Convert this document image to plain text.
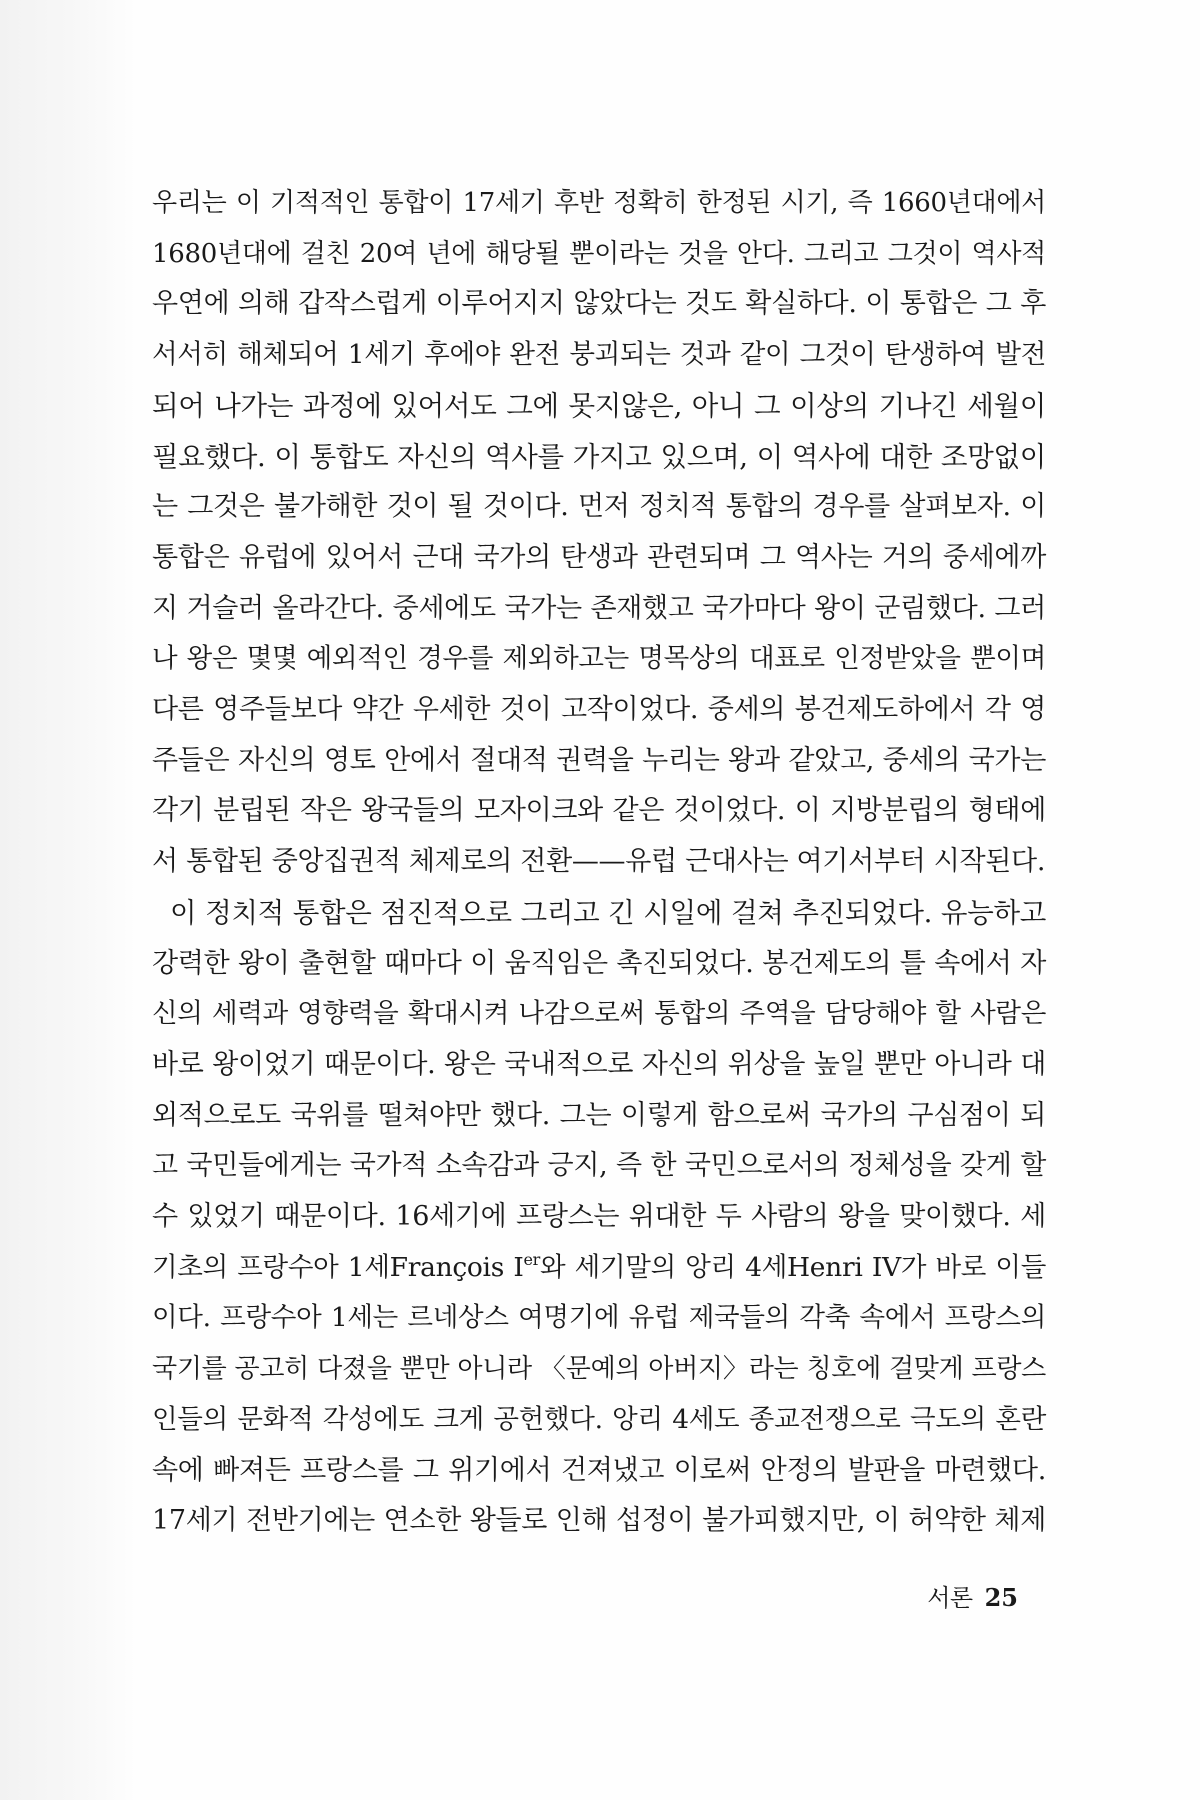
우리는 이 기적적인 통합이 17세기 후반 정확히 한정된 시기, 즉 1660년대에서
1680년대에 걸친 20여 년에 해당될 뿐이라는 것을 안다. 그리고 그것이 역사적
우연에 의해 갑작스럽게 이루어지지 않았다는 것도 확실하다. 이 통합은 그 후
서서히 해체되어 1세기 후에야 완전 붕괴되는 것과 같이 그것이 탄생하여 발전
되어 나가는 과정에 있어서도 그에 못지않은, 아니 그 이상의 기나긴 세월이
필요했다. 이 통합도 자신의 역사를 가지고 있으며, 이 역사에 대한 조망없이
는 그것은 불가해한 것이 될 것이다. 먼저 정치적 통합의 경우를 살펴보자. 이
통합은 유럽에 있어서 근대 국가의 탄생과 관련되며 그 역사는 거의 중세에까
지 거슬러 올라간다. 중세에도 국가는 존재했고 국가마다 왕이 군림했다. 그러
나 왕은 몇몇 예외적인 경우를 제외하고는 명목상의 대표로 인정받았을 뿐이며
다른 영주들보다 약간 우세한 것이 고작이었다. 중세의 봉건제도하에서 각 영
주들은 자신의 영토 안에서 절대적 권력을 누리는 왕과 같았고, 중세의 국가는
각기 분립된 작은 왕국들의 모자이크와 같은 것이었다. 이 지방분립의 형태에
서 통합된 중앙집권적 체제로의 전환——유럽 근대사는 여기서부터 시작된다.

이 정치적 통합은 점진적으로 그리고 긴 시일에 걸쳐 추진되었다. 유능하고
강력한 왕이 출현할 때마다 이 움직임은 촉진되었다. 봉건제도의 틀 속에서 자
신의 세력과 영향력을 확대시켜 나감으로써 통합의 주역을 담당해야 할 사람은
바로 왕이었기 때문이다. 왕은 국내적으로 자신의 위상을 높일 뿐만 아니라 대
외적으로도 국위를 떨쳐야만 했다. 그는 이렇게 함으로써 국가의 구심점이 되
고 국민들에게는 국가적 소속감과 긍지, 즉 한 국민으로서의 정체성을 갖게 할
수 있었기 때문이다. 16세기에 프랑스는 위대한 두 사람의 왕을 맞이했다. 세
기초의 프랑수아 1세François Ier와 세기말의 앙리 4세Henri IV가 바로 이들
이다. 프랑수아 1세는 르네상스 여명기에 유럽 제국들의 각축 속에서 프랑스의
국기를 공고히 다졌을 뿐만 아니라 〈문예의 아버지〉라는 칭호에 걸맞게 프랑스
인들의 문화적 각성에도 크게 공헌했다. 앙리 4세도 종교전쟁으로 극도의 혼란
속에 빠져든 프랑스를 그 위기에서 건져냈고 이로써 안정의 발판을 마련했다.
17세기 전반기에는 연소한 왕들로 인해 섭정이 불가피했지만, 이 허약한 체제

서론 25
